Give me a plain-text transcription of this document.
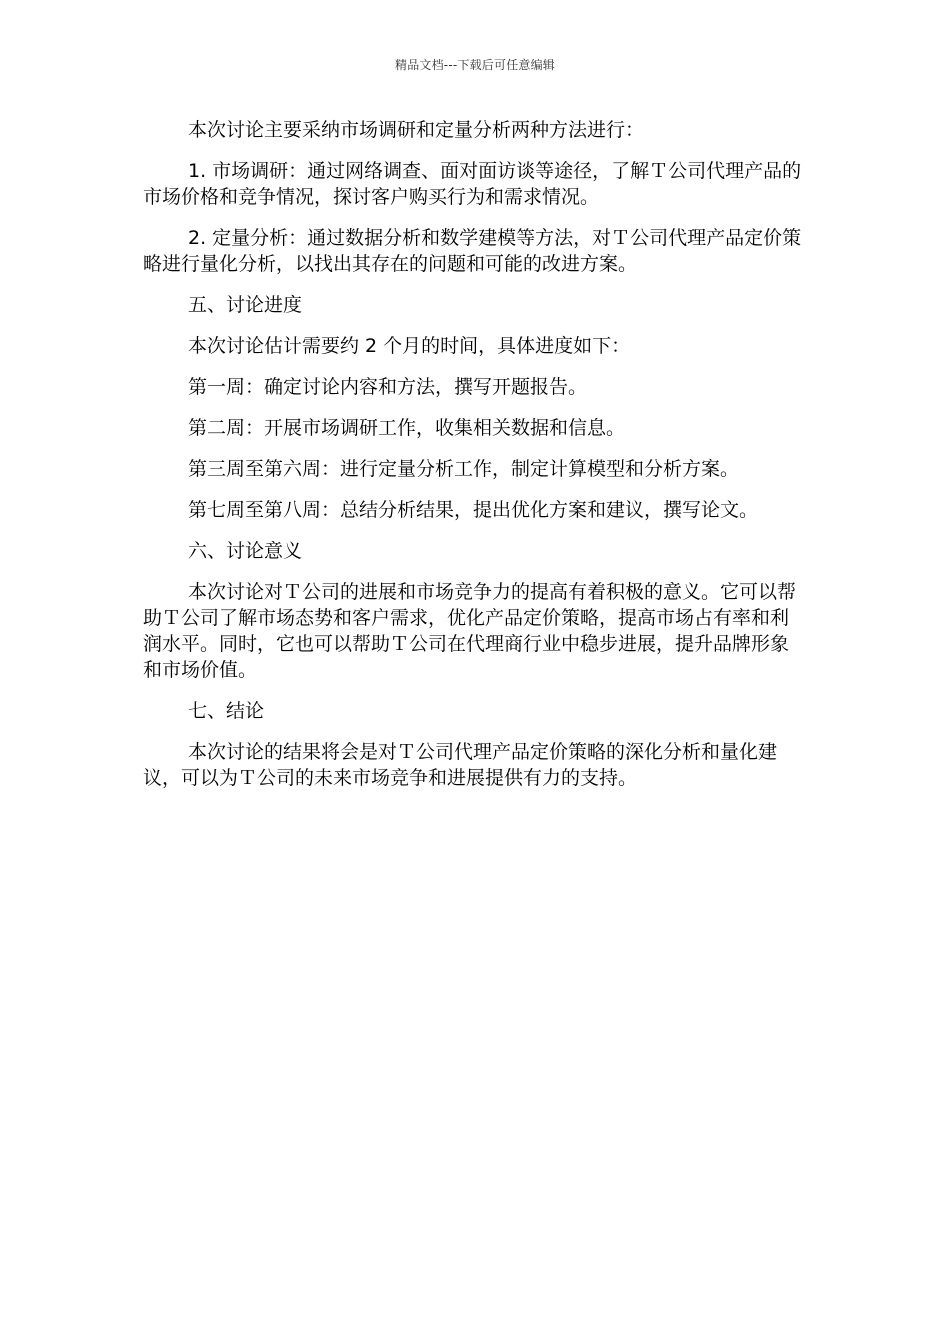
精品文档---下载后可任意编辑

本次讨论主要采纳市场调研和定量分析两种方法进行：

1. 市场调研：通过网络调查、面对面访谈等途径，了解Ｔ公司代理产品的市场价格和竞争情况，探讨客户购买行为和需求情况。

2. 定量分析：通过数据分析和数学建模等方法，对Ｔ公司代理产品定价策略进行量化分析，以找出其存在的问题和可能的改进方案。

五、讨论进度

本次讨论估计需要约 2 个月的时间，具体进度如下：

第一周：确定讨论内容和方法，撰写开题报告。

第二周：开展市场调研工作，收集相关数据和信息。

第三周至第六周：进行定量分析工作，制定计算模型和分析方案。

第七周至第八周：总结分析结果，提出优化方案和建议，撰写论文。

六、讨论意义

本次讨论对Ｔ公司的进展和市场竞争力的提高有着积极的意义。它可以帮助Ｔ公司了解市场态势和客户需求，优化产品定价策略，提高市场占有率和利润水平。同时，它也可以帮助Ｔ公司在代理商行业中稳步进展，提升品牌形象和市场价值。

七、结论

本次讨论的结果将会是对Ｔ公司代理产品定价策略的深化分析和量化建议，可以为Ｔ公司的未来市场竞争和进展提供有力的支持。
